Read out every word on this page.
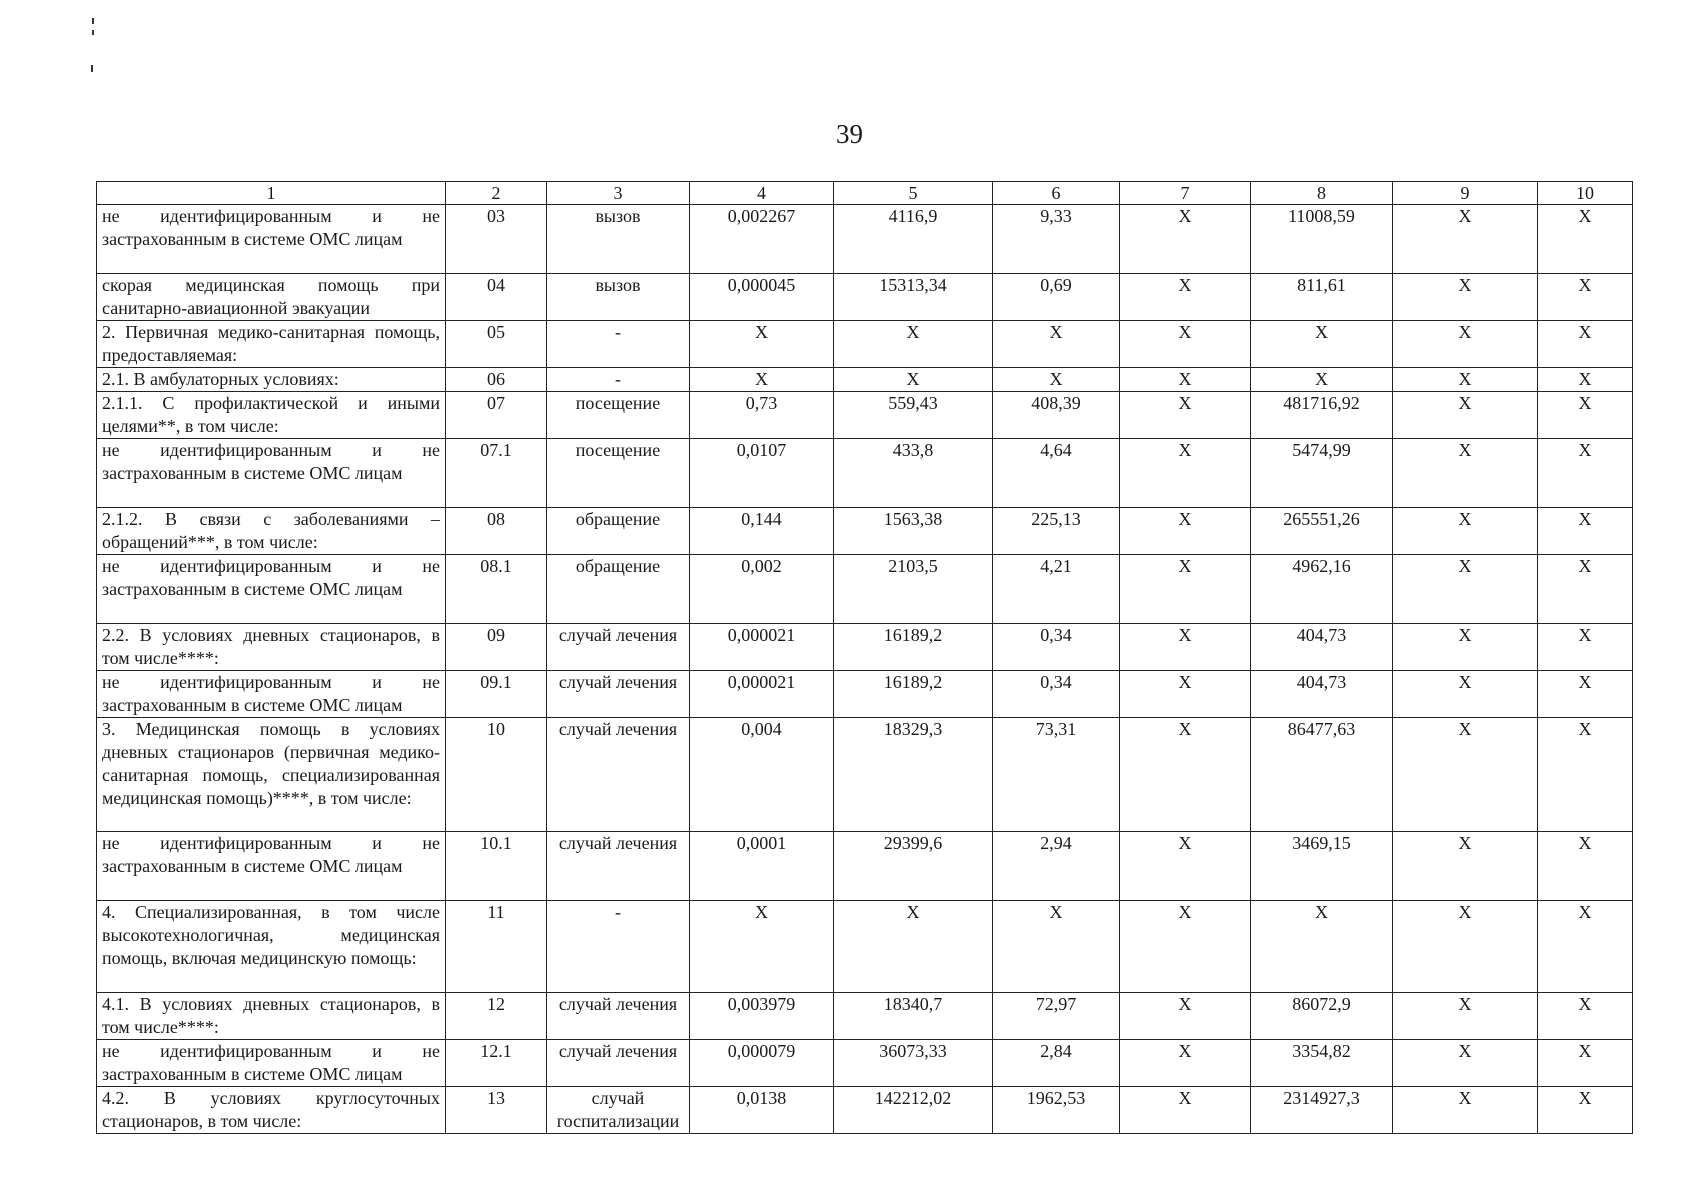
39
1	2	3	4	5	6	7	8	9	10
не идентифицированным и не застрахованным в системе ОМС лицам	03	вызов	0,002267	4116,9	9,33	X	11008,59	X	X
скорая медицинская помощь при санитарно-авиационной эвакуации	04	вызов	0,000045	15313,34	0,69	X	811,61	X	X
2. Первичная медико-санитарная помощь, предоставляемая:	05	-	X	X	X	X	X	X	X
2.1. В амбулаторных условиях:	06	-	X	X	X	X	X	X	X
2.1.1. С профилактической и иными целями**, в том числе:	07	посещение	0,73	559,43	408,39	X	481716,92	X	X
не идентифицированным и не застрахованным в системе ОМС лицам	07.1	посещение	0,0107	433,8	4,64	X	5474,99	X	X
2.1.2. В связи с заболеваниями – обращений***, в том числе:	08	обращение	0,144	1563,38	225,13	X	265551,26	X	X
не идентифицированным и не застрахованным в системе ОМС лицам	08.1	обращение	0,002	2103,5	4,21	X	4962,16	X	X
2.2. В условиях дневных стационаров, в том числе****:	09	случай лечения	0,000021	16189,2	0,34	X	404,73	X	X
не идентифицированным и не застрахованным в системе ОМС лицам	09.1	случай лечения	0,000021	16189,2	0,34	X	404,73	X	X
3. Медицинская помощь в условиях дневных стационаров (первичная медико-санитарная помощь, специализированная медицинская помощь)****, в том числе:	10	случай лечения	0,004	18329,3	73,31	X	86477,63	X	X
не идентифицированным и не застрахованным в системе ОМС лицам	10.1	случай лечения	0,0001	29399,6	2,94	X	3469,15	X	X
4. Специализированная, в том числе высокотехнологичная, медицинская помощь, включая медицинскую помощь:	11	-	X	X	X	X	X	X	X
4.1. В условиях дневных стационаров, в том числе****:	12	случай лечения	0,003979	18340,7	72,97	X	86072,9	X	X
не идентифицированным и не застрахованным в системе ОМС лицам	12.1	случай лечения	0,000079	36073,33	2,84	X	3354,82	X	X
4.2. В условиях круглосуточных стационаров, в том числе:	13	случай госпитализации	0,0138	142212,02	1962,53	X	2314927,3	X	X
